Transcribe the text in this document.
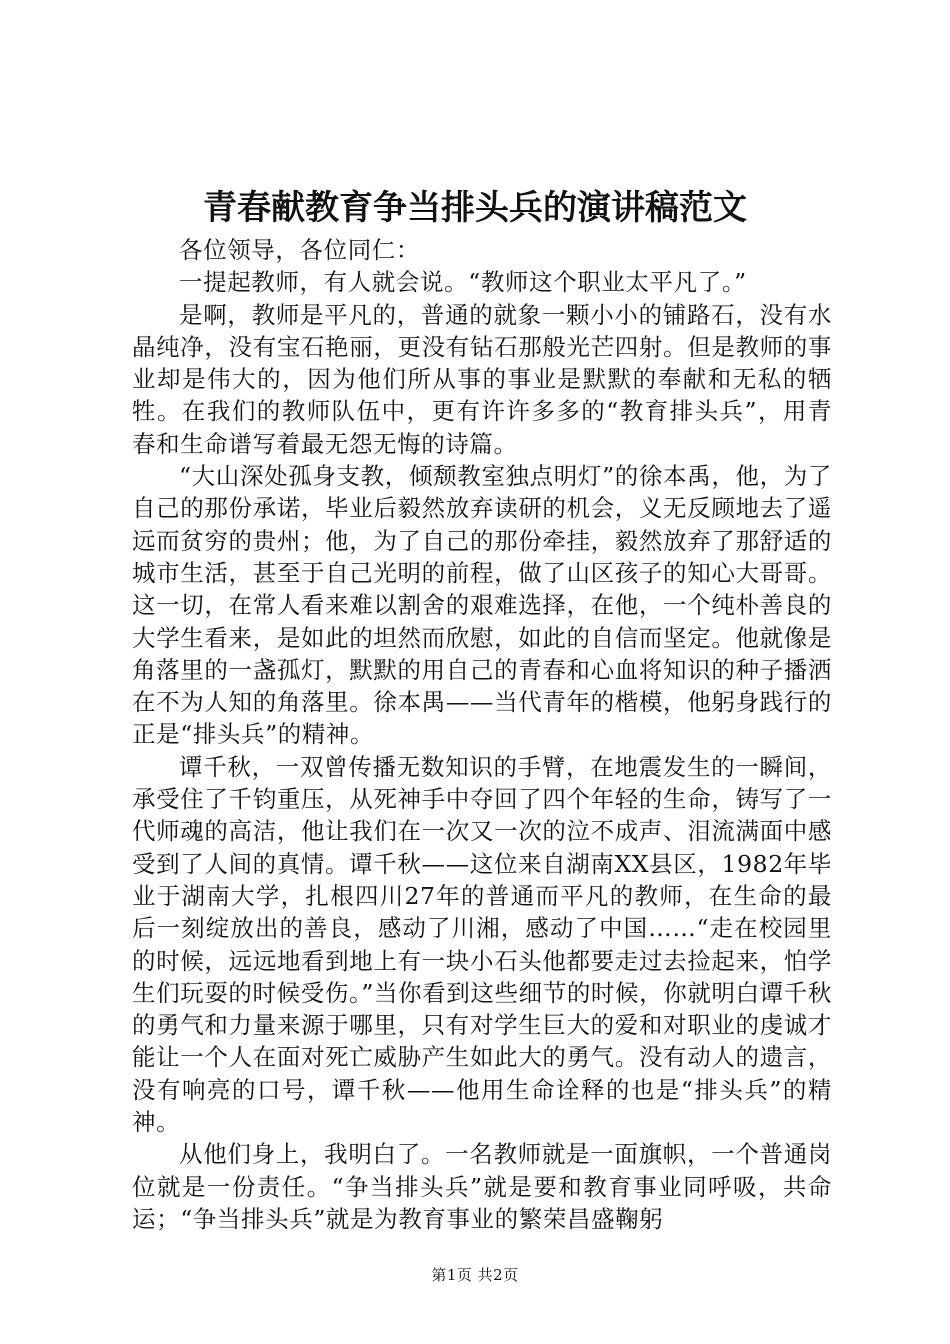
青春献教育争当排头兵的演讲稿范文

各位领导，各位同仁：

一提起教师，有人就会说。“教师这个职业太平凡了。”

是啊，教师是平凡的，普通的就象一颗小小的铺路石，没有水晶纯净，没有宝石艳丽，更没有钻石那般光芒四射。但是教师的事业却是伟大的，因为他们所从事的事业是默默的奉献和无私的牺牲。在我们的教师队伍中，更有许许多多的“教育排头兵”，用青春和生命谱写着最无怨无悔的诗篇。

“大山深处孤身支教，倾颓教室独点明灯”的徐本禹，他，为了自己的那份承诺，毕业后毅然放弃读研的机会，义无反顾地去了遥远而贫穷的贵州；他，为了自己的那份牵挂，毅然放弃了那舒适的城市生活，甚至于自己光明的前程，做了山区孩子的知心大哥哥。这一切，在常人看来难以割舍的艰难选择，在他，一个纯朴善良的大学生看来，是如此的坦然而欣慰，如此的自信而坚定。他就像是角落里的一盏孤灯，默默的用自己的青春和心血将知识的种子播洒在不为人知的角落里。徐本禺——当代青年的楷模，他躬身践行的正是“排头兵”的精神。

谭千秋，一双曾传播无数知识的手臂，在地震发生的一瞬间，承受住了千钧重压，从死神手中夺回了四个年轻的生命，铸写了一代师魂的高洁，他让我们在一次又一次的泣不成声、泪流满面中感受到了人间的真情。谭千秋——这位来自湖南XX县区，1982年毕业于湖南大学，扎根四川27年的普通而平凡的教师，在生命的最后一刻绽放出的善良，感动了川湘，感动了中国……“走在校园里的时候，远远地看到地上有一块小石头他都要走过去捡起来，怕学生们玩耍的时候受伤。”当你看到这些细节的时候，你就明白谭千秋的勇气和力量来源于哪里，只有对学生巨大的爱和对职业的虔诚才能让一个人在面对死亡威胁产生如此大的勇气。没有动人的遗言，没有响亮的口号，谭千秋——他用生命诠释的也是“排头兵”的精神。

从他们身上，我明白了。一名教师就是一面旗帜，一个普通岗位就是一份责任。“争当排头兵”就是要和教育事业同呼吸，共命运；“争当排头兵”就是为教育事业的繁荣昌盛鞠躬

第1页 共2页
